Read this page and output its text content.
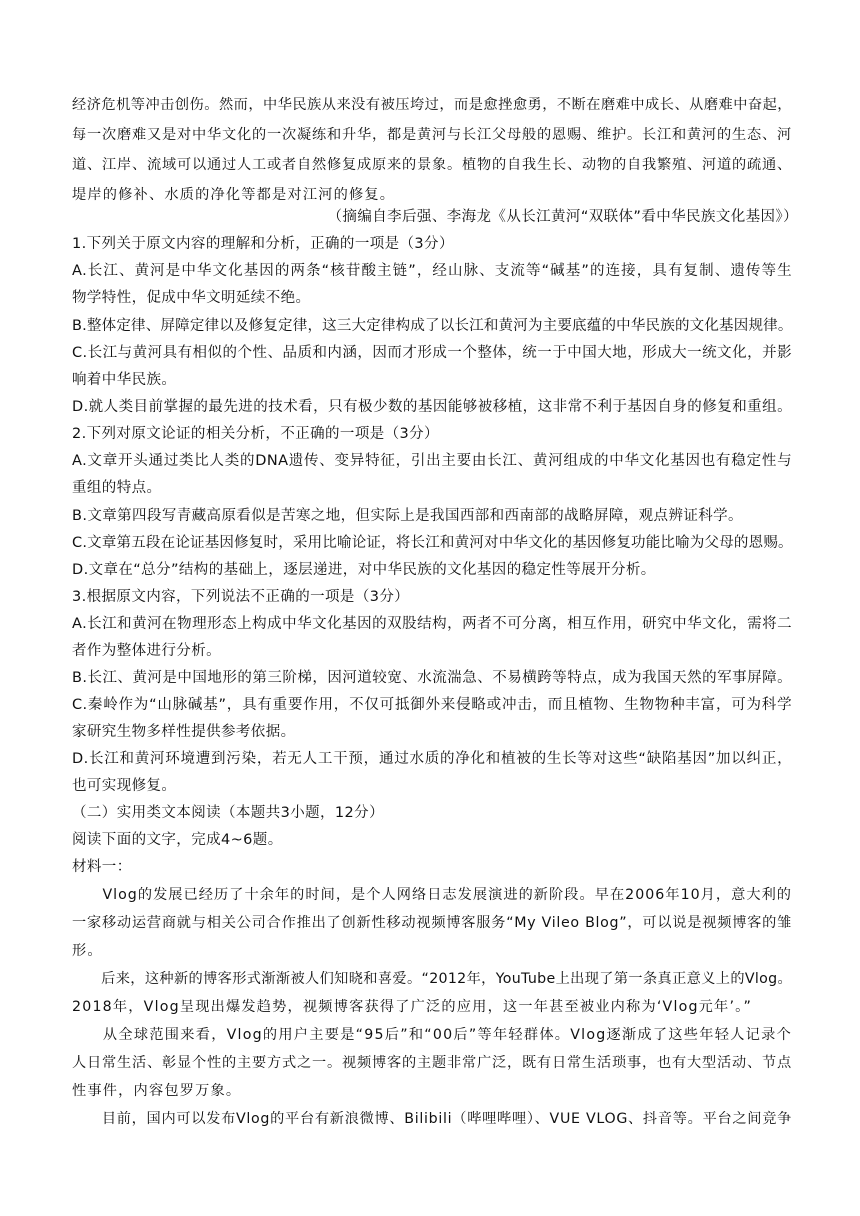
经济危机等冲击创伤。然而，中华民族从来没有被压垮过，而是愈挫愈勇，不断在磨难中成长、从磨难中奋起，
每一次磨难又是对中华文化的一次凝练和升华，都是黄河与长江父母般的恩赐、维护。长江和黄河的生态、河
道、江岸、流域可以通过人工或者自然修复成原来的景象。植物的自我生长、动物的自我繁殖、河道的疏通、
堤岸的修补、水质的净化等都是对江河的修复。
（摘编自李后强、李海龙《从长江黄河“双联体”看中华民族文化基因》）
1.下列关于原文内容的理解和分析，正确的一项是（3分）
A.长江、黄河是中华文化基因的两条“核苷酸主链”，经山脉、支流等“碱基”的连接，具有复制、遗传等生
物学特性，促成中华文明延续不绝。
B.整体定律、屏障定律以及修复定律，这三大定律构成了以长江和黄河为主要底蕴的中华民族的文化基因规律。
C.长江与黄河具有相似的个性、品质和内涵，因而才形成一个整体，统一于中国大地，形成大一统文化，并影
响着中华民族。
D.就人类目前掌握的最先进的技术看，只有极少数的基因能够被移植，这非常不利于基因自身的修复和重组。
2.下列对原文论证的相关分析，不正确的一项是（3分）
A.文章开头通过类比人类的DNA遗传、变异特征，引出主要由长江、黄河组成的中华文化基因也有稳定性与
重组的特点。
B.文章第四段写青藏高原看似是苦寒之地，但实际上是我国西部和西南部的战略屏障，观点辨证科学。
C.文章第五段在论证基因修复时，采用比喻论证，将长江和黄河对中华文化的基因修复功能比喻为父母的恩赐。
D.文章在“总分”结构的基础上，逐层递进，对中华民族的文化基因的稳定性等展开分析。
3.根据原文内容，下列说法不正确的一项是（3分）
A.长江和黄河在物理形态上构成中华文化基因的双股结构，两者不可分离，相互作用，研究中华文化，需将二
者作为整体进行分析。
B.长江、黄河是中国地形的第三阶梯，因河道较宽、水流湍急、不易横跨等特点，成为我国天然的军事屏障。
C.秦岭作为“山脉碱基”，具有重要作用，不仅可抵御外来侵略或冲击，而且植物、生物物种丰富，可为科学
家研究生物多样性提供参考依据。
D.长江和黄河环境遭到污染，若无人工干预，通过水质的净化和植被的生长等对这些“缺陷基因”加以纠正，
也可实现修复。
（二）实用类文本阅读（本题共3小题，12分）
阅读下面的文字，完成4~6题。
材料一：
　　Vlog的发展已经历了十余年的时间，是个人网络日志发展演进的新阶段。早在2006年10月，意大利的
一家移动运营商就与相关公司合作推出了创新性移动视频博客服务“My Vileo Blog”，可以说是视频博客的雏
形。
　　后来，这种新的博客形式渐渐被人们知晓和喜爱。“2012年，YouTube上出现了第一条真正意义上的Vlog。
2018年，Vlog呈现出爆发趋势，视频博客获得了广泛的应用，这一年甚至被业内称为‘Vlog元年’。”
　　从全球范围来看，Vlog的用户主要是“95后”和“00后”等年轻群体。Vlog逐渐成了这些年轻人记录个
人日常生活、彰显个性的主要方式之一。视频博客的主题非常广泛，既有日常生活琐事，也有大型活动、节点
性事件，内容包罗万象。
　　目前，国内可以发布Vlog的平台有新浪微博、Bilibili（哔哩哔哩）、VUE VLOG、抖音等。平台之间竞争
